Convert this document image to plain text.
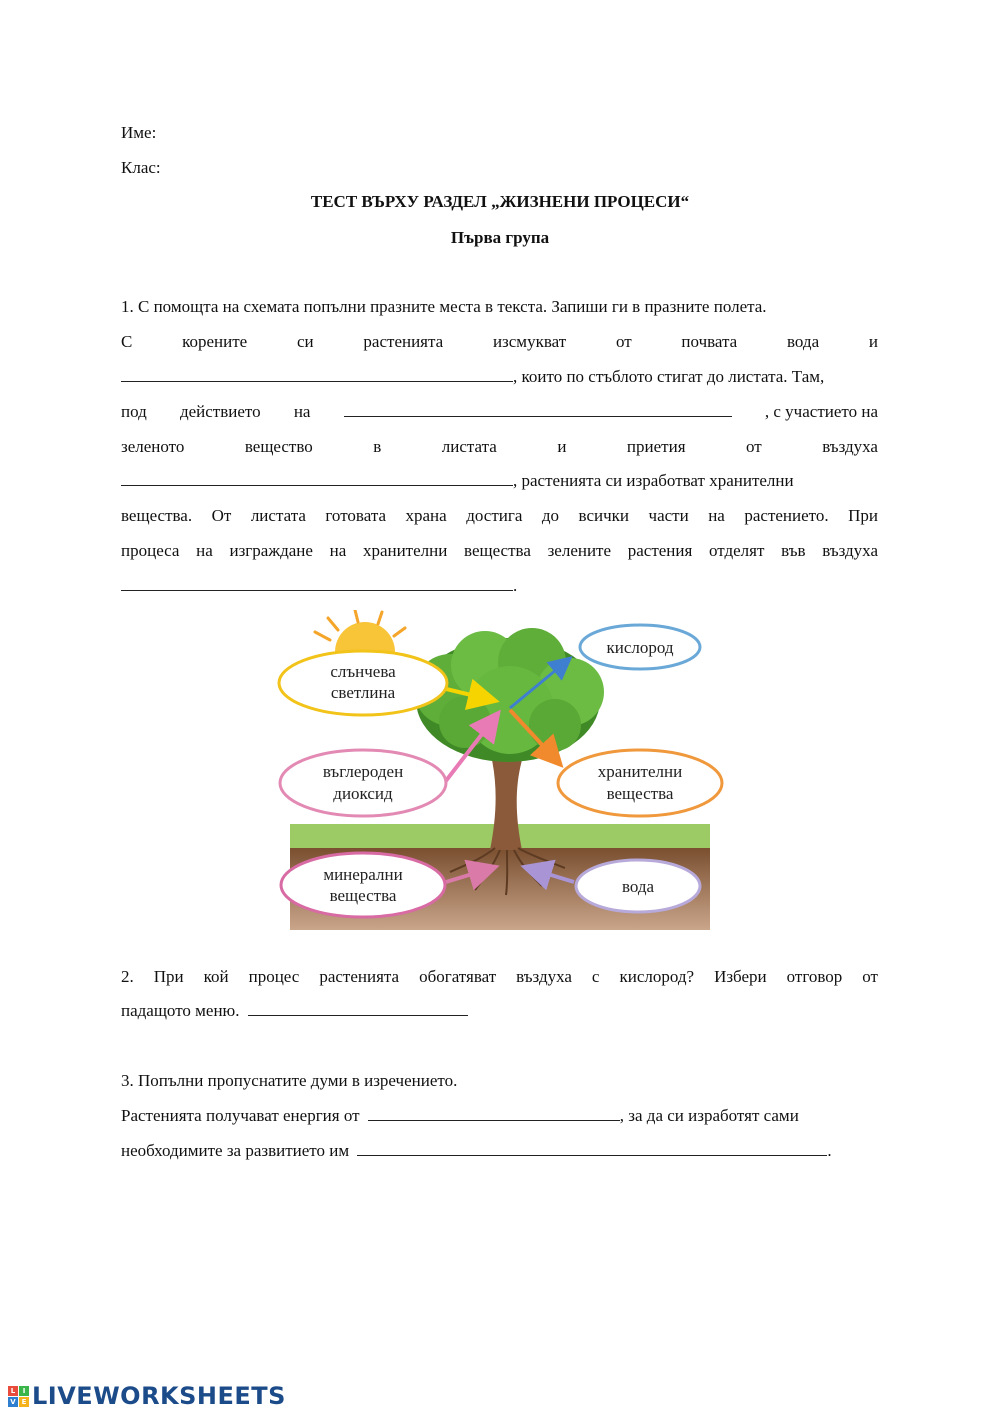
Име:
Клас:
ТЕСТ ВЪРХУ РАЗДЕЛ „ЖИЗНЕНИ ПРОЦЕСИ“
Първа група
1. С помощта на схемата попълни празните места в текста. Запиши ги в празните полета.
С	корените	си	растенията	изсмукват	от	почвата	вода	и
, които по стъблото стигат до листата. Там,
под действието на	, с участието на
зеленото	вещество	в	листата	и	приетия	от	въздуха
, растенията си изработват хранителни
вещества. От листата готовата храна достига до всички части на растението. При
процеса на изграждане на хранителни вещества зелените растения отделят във въздуха
.
слънчева
светлина
кислород
въглероден
диоксид
хранителни
вещества
минерални
вещества	вода
2. При кой процес растенията обогатяват въздуха с кислород? Избери отговор от
падащото меню.
3. Попълни пропуснатите думи в изречението.
Растенията получават енергия от	, за да си изработят сами
необходимите за развитието им	.
L	I
V E LIVEWORKSHEETS
